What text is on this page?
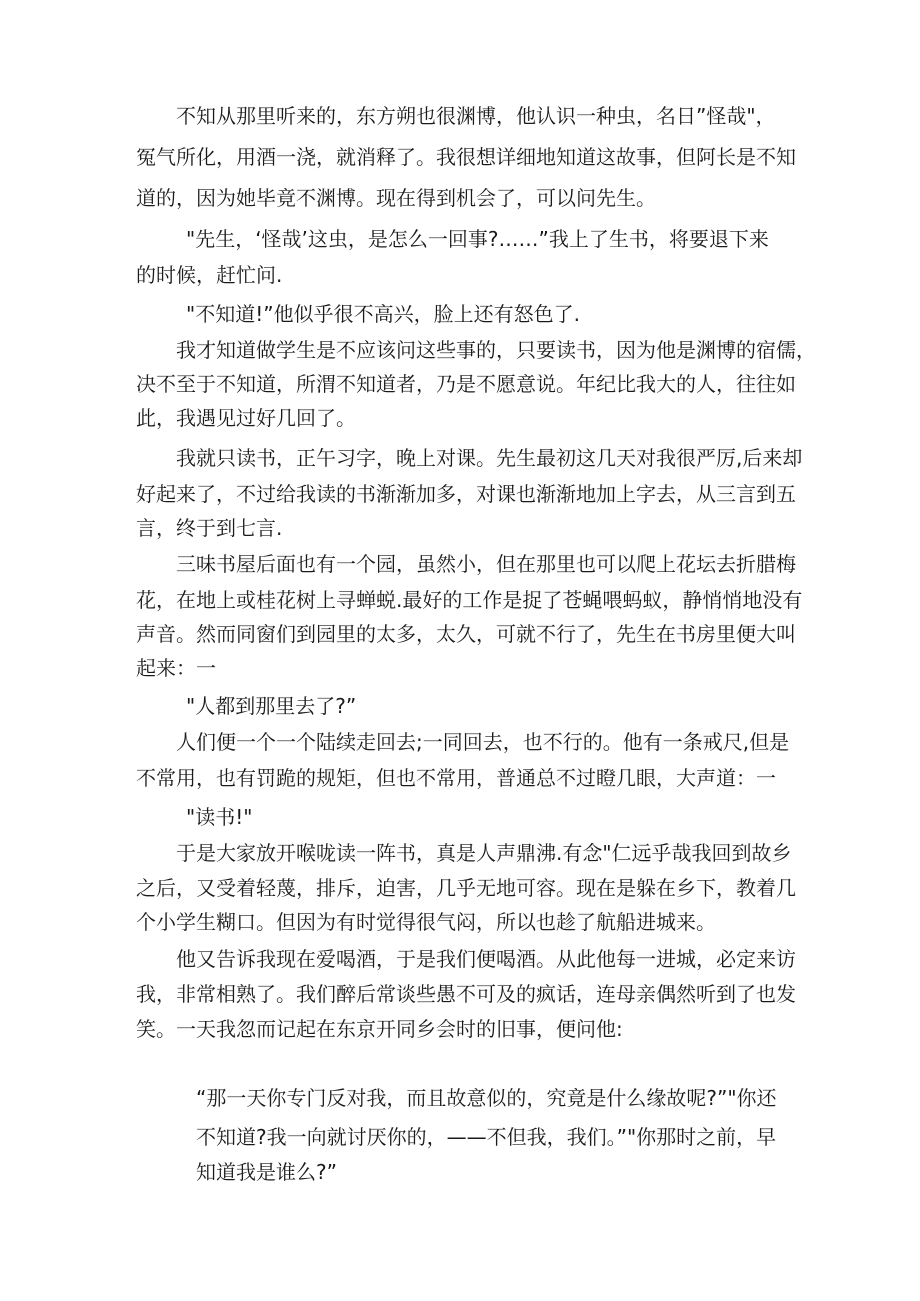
不知从那里听来的，东方朔也很渊博，他认识一种虫，名日”怪哉"，
冤气所化，用酒一浇，就消释了。我很想详细地知道这故事，但阿长是不知
道的，因为她毕竟不渊博。现在得到机会了，可以问先生。
"先生，‘怪哉’这虫，是怎么一回事?……”我上了生书，将要退下来
的时候，赶忙问.
"不知道!”他似乎很不高兴，脸上还有怒色了.
我才知道做学生是不应该问这些事的，只要读书，因为他是渊博的宿儒，
决不至于不知道，所渭不知道者，乃是不愿意说。年纪比我大的人，往往如
此，我遇见过好几回了。
我就只读书，正午习字，晚上对课。先生最初这几天对我很严厉,后来却
好起来了，不过给我读的书渐渐加多，对课也渐渐地加上字去，从三言到五
言，终于到七言.
三味书屋后面也有一个园，虽然小，但在那里也可以爬上花坛去折腊梅
花，在地上或桂花树上寻蝉蜕.最好的工作是捉了苍蝇喂蚂蚁，静悄悄地没有
声音。然而同窗们到园里的太多，太久，可就不行了，先生在书房里便大叫
起来：一
"人都到那里去了?”
人们便一个一个陆续走回去;一同回去，也不行的。他有一条戒尺,但是
不常用，也有罚跪的规矩，但也不常用，普通总不过瞪几眼，大声道：一
"读书!"
于是大家放开喉咙读一阵书，真是人声鼎沸.有念"仁远乎哉我回到故乡
之后，又受着轻蔑，排斥，迫害，几乎无地可容。现在是躲在乡下，教着几
个小学生糊口。但因为有时觉得很气闷，所以也趁了航船进城来。
他又告诉我现在爱喝酒，于是我们便喝酒。从此他每一进城，必定来访
我，非常相熟了。我们醉后常谈些愚不可及的疯话，连母亲偶然听到了也发
笑。一天我忽而记起在东京开同乡会时的旧事，便问他:
“那一天你专门反对我，而且故意似的，究竟是什么缘故呢?”"你还
不知道?我一向就讨厌你的，——不但我，我们。”"你那时之前，早
知道我是谁么?”
